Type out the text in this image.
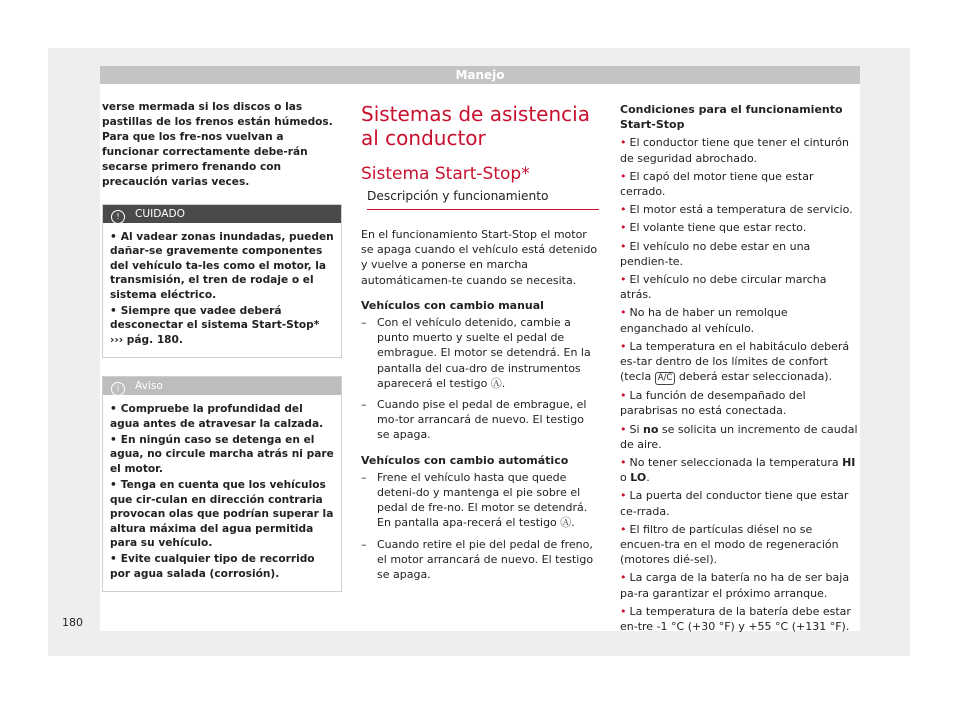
Manejo

verse mermada si los discos o las pastillas de los frenos están húmedos. Para que los fre-nos vuelvan a funcionar correctamente debe-rán secarse primero frenando con precaución varias veces.

! CUIDADO

• Al vadear zonas inundadas, pueden dañar-se gravemente componentes del vehículo ta-les como el motor, la transmisión, el tren de rodaje o el sistema eléctrico.

• Siempre que vadee deberá desconectar el sistema Start-Stop* ››› pág. 180.

i Aviso

• Compruebe la profundidad del agua antes de atravesar la calzada.

• En ningún caso se detenga en el agua, no circule marcha atrás ni pare el motor.

• Tenga en cuenta que los vehículos que cir-culan en dirección contraria provocan olas que podrían superar la altura máxima del agua permitida para su vehículo.

• Evite cualquier tipo de recorrido por agua salada (corrosión).

Sistemas de asistencia al conductor
Sistema Start-Stop*
Descripción y funcionamiento

En el funcionamiento Start-Stop el motor se apaga cuando el vehículo está detenido y vuelve a ponerse en marcha automáticamen-te cuando se necesita.

Vehículos con cambio manual

–   Con el vehículo detenido, cambie a punto muerto y suelte el pedal de embrague. El motor se detendrá. En la pantalla del cua-dro de instrumentos aparecerá el testigo Ⓐ.

–   Cuando pise el pedal de embrague, el mo-tor arrancará de nuevo. El testigo se apaga.

Vehículos con cambio automático

–   Frene el vehículo hasta que quede deteni-do y mantenga el pie sobre el pedal de fre-no. El motor se detendrá. En pantalla apa-recerá el testigo Ⓐ.

–   Cuando retire el pie del pedal de freno, el motor arrancará de nuevo. El testigo se apaga.

Condiciones para el funcionamiento Start-Stop

• El conductor tiene que tener el cinturón de seguridad abrochado.

• El capó del motor tiene que estar cerrado.

• El motor está a temperatura de servicio.

• El volante tiene que estar recto.

• El vehículo no debe estar en una pendien-te.

• El vehículo no debe circular marcha atrás.

• No ha de haber un remolque enganchado al vehículo.

• La temperatura en el habitáculo deberá es-tar dentro de los límites de confort (tecla A/C deberá estar seleccionada).

• La función de desempañado del parabrisas no está conectada.

• Si no se solicita un incremento de caudal de aire.

• No tener seleccionada la temperatura HI o LO.

• La puerta del conductor tiene que estar ce-rrada.

• El filtro de partículas diésel no se encuen-tra en el modo de regeneración (motores dié-sel).

• La carga de la batería no ha de ser baja pa-ra garantizar el próximo arranque.

• La temperatura de la batería debe estar en-tre -1 °C (+30 °F) y +55 °C (+131 °F).

180
